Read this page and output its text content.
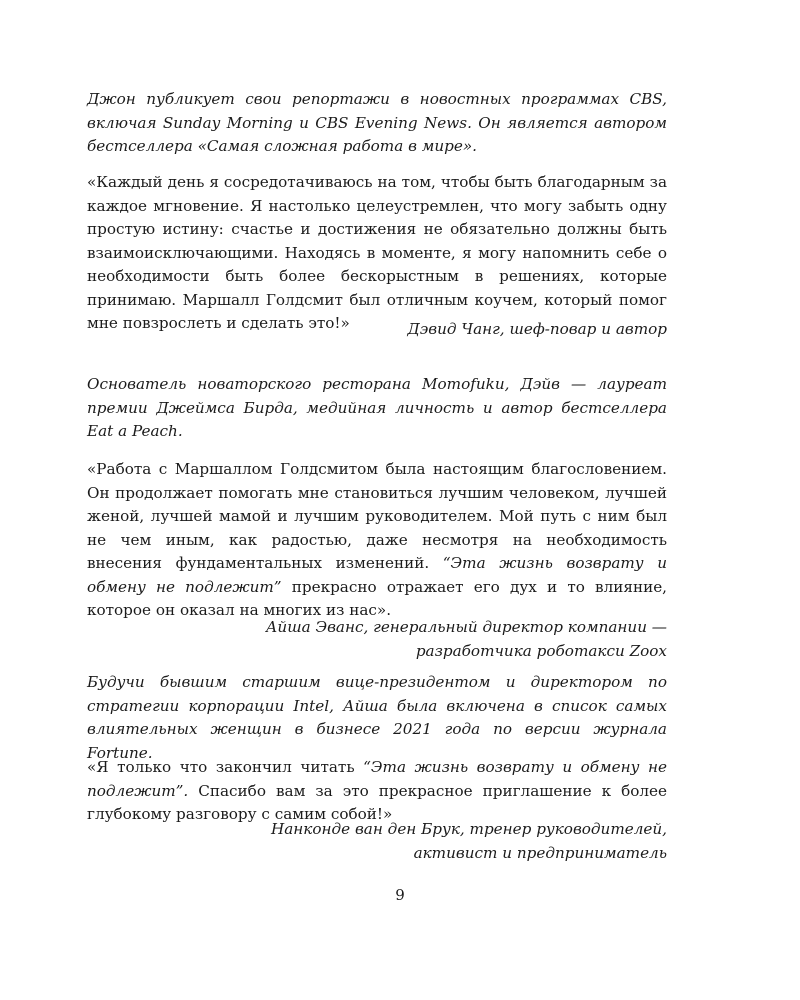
Джон публикует свои репортажи в новостных программах CBS, включая Sunday Morning и CBS Evening News. Он является автором бестселлера «Самая сложная работа в мире».

«Каждый день я сосредотачиваюсь на том, чтобы быть благодарным за каждое мгновение. Я настолько целеустремлен, что могу забыть одну простую истину: счастье и достижения не обязательно должны быть взаимоисключающими. Находясь в моменте, я могу напомнить себе о необходимости быть более бескорыстным в решениях, которые принимаю. Маршалл Голдсмит был отличным коучем, который помог мне повзрослеть и сделать это!»	Дэвид Чанг, шеф-повар и автор

Основатель новаторского ресторана Momofuku, Дэйв — лауреат премии Джеймса Бирда, медийная личность и автор бестселлера Eat a Peach.

«Работа с Маршаллом Голдсмитом была настоящим благословением. Он продолжает помогать мне становиться лучшим человеком, лучшей женой, лучшей мамой и лучшим руководителем. Мой путь с ним был не чем иным, как радостью, даже несмотря на необходимость внесения фундаментальных изменений. “Эта жизнь возврату и обмену не подлежит” прекрасно отражает его дух и то влияние, которое он оказал на многих из нас».

Айша Эванс, генеральный директор компании —
разработчика роботакси Zoox

Будучи бывшим старшим вице-президентом и директором по стратегии корпорации Intel, Айша была включена в список самых влиятельных женщин в бизнесе 2021 года по версии журнала Fortune.

«Я только что закончил читать “Эта жизнь возврату и обмену не подлежит”. Спасибо вам за это прекрасное приглашение к более глубокому разговору с самим собой!»

Нанконде ван ден Брук, тренер руководителей,
активист и предприниматель
9
